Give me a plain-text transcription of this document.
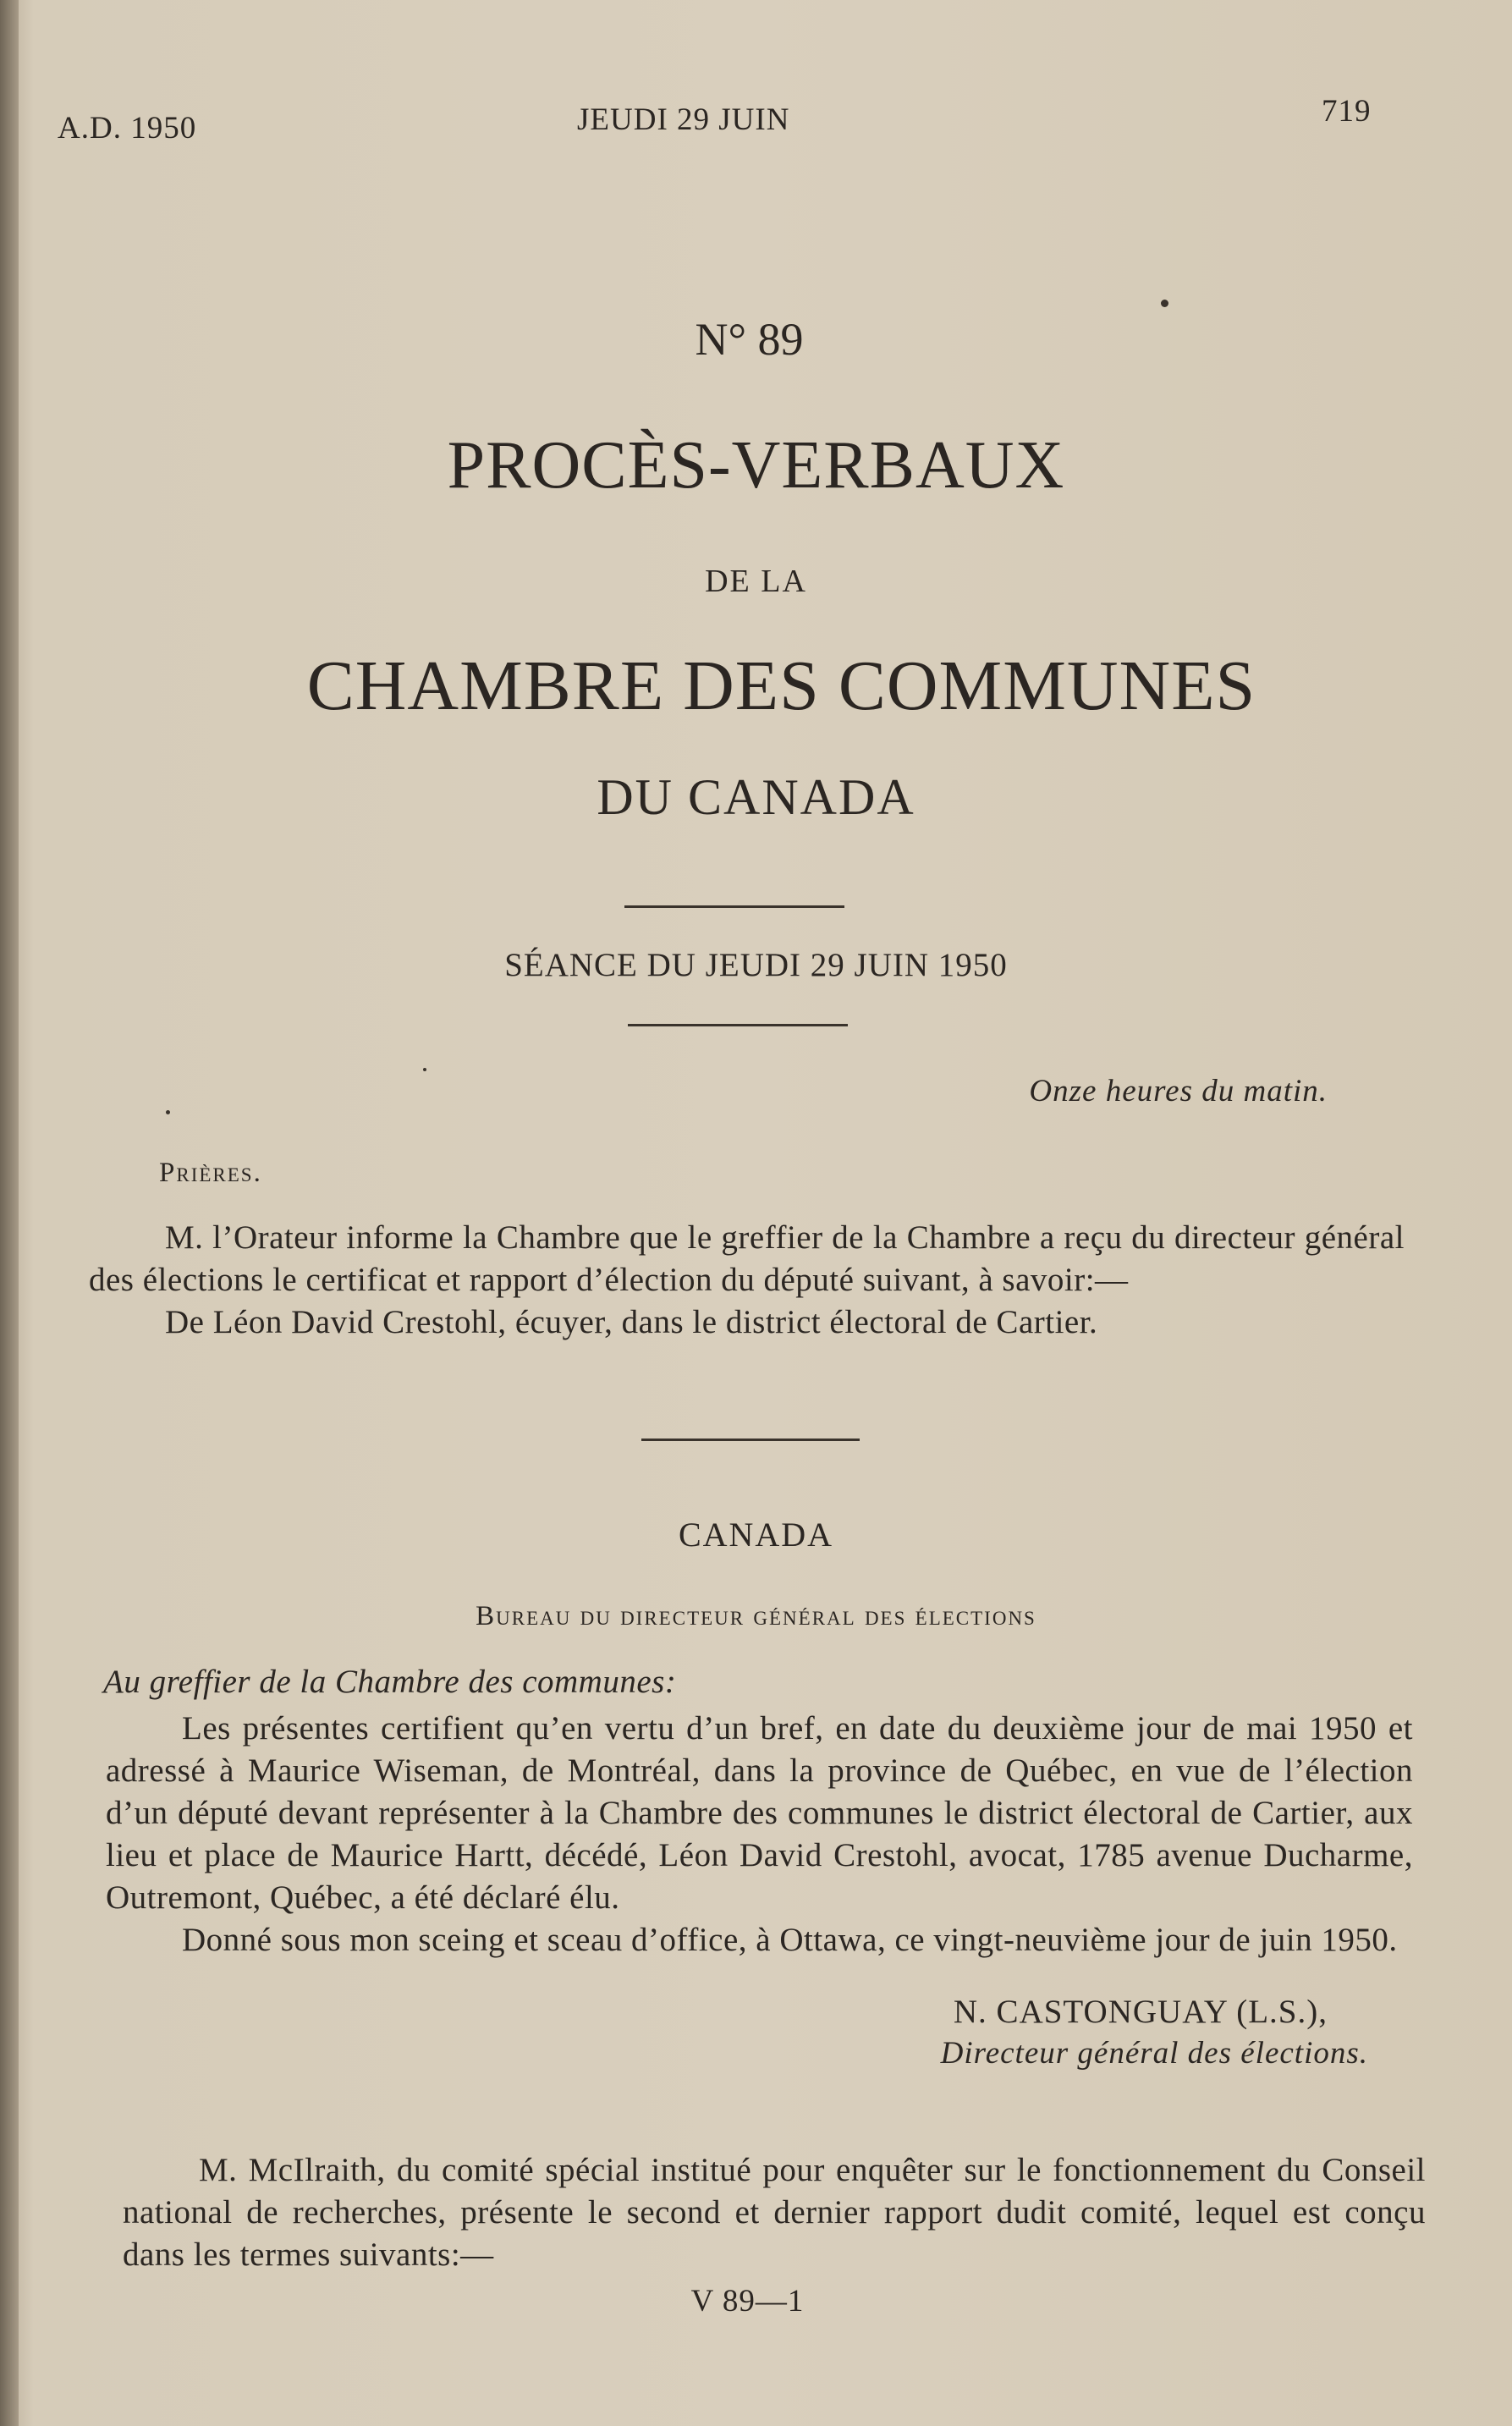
A.D. 1950	JEUDI 29 JUIN	719
N° 89
PROCÈS-VERBAUX
DE LA
CHAMBRE DES COMMUNES
DU CANADA
SÉANCE DU JEUDI 29 JUIN 1950
Onze heures du matin.
Prières.

M. l’Orateur informe la Chambre que le greffier de la Chambre a reçu du directeur général des élections le certificat et rapport d’élection du député suivant, à savoir:—

De Léon David Crestohl, écuyer, dans le district électoral de Cartier.

CANADA
Bureau du directeur général des élections
Au greffier de la Chambre des communes:

Les présentes certifient qu’en vertu d’un bref, en date du deuxième jour de mai 1950 et adressé à Maurice Wiseman, de Montréal, dans la province de Québec, en vue de l’élection d’un député devant représenter à la Chambre des communes le district électoral de Cartier, aux lieu et place de Maurice Hartt, décédé, Léon David Crestohl, avocat, 1785 avenue Ducharme, Outremont, Québec, a été déclaré élu.

Donné sous mon sceing et sceau d’office, à Ottawa, ce vingt-neuvième jour de juin 1950.

N. CASTONGUAY (L.S.),
Directeur général des élections.

M. McIlraith, du comité spécial institué pour enquêter sur le fonctionnement du Conseil national de recherches, présente le second et dernier rapport dudit comité, lequel est conçu dans les termes suivants:—

V 89—1
